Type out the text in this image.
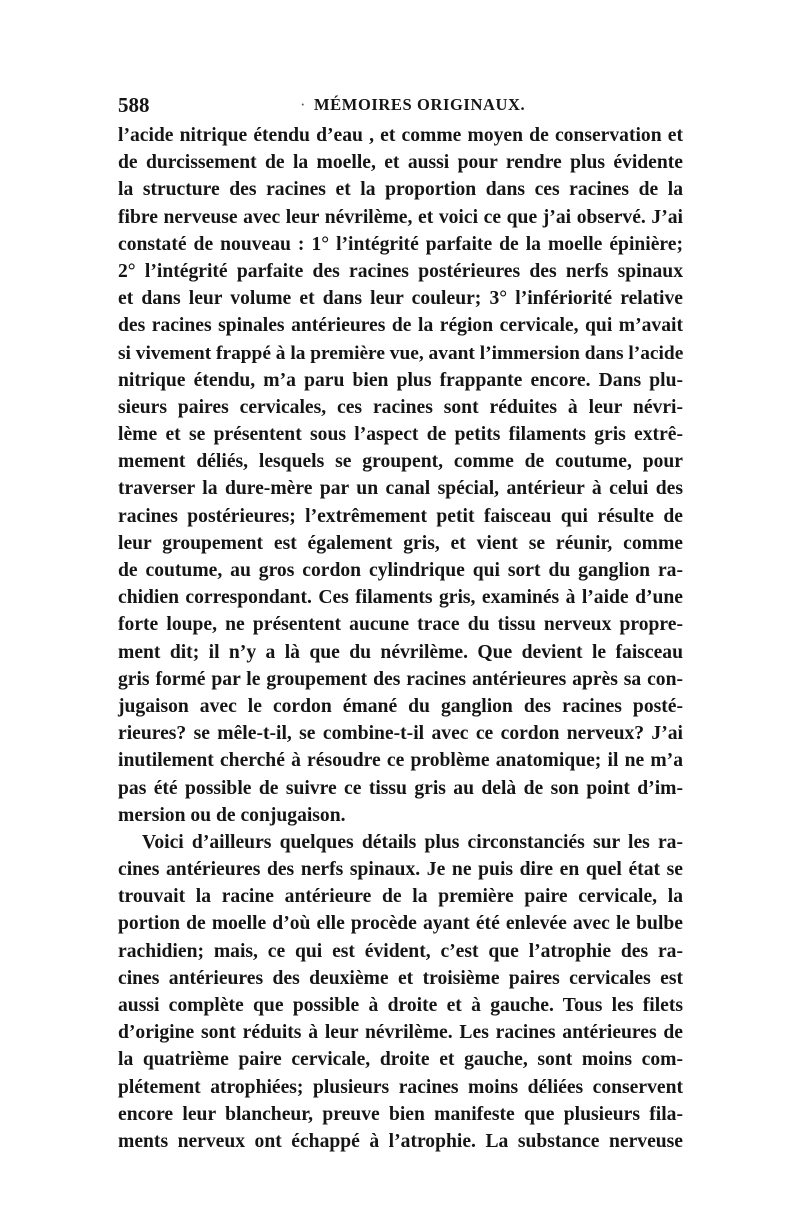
588
·	MÉMOIRES ORIGINAUX.
l’acide nitrique étendu d’eau , et comme moyen de conservation et
de durcissement de la moelle, et aussi pour rendre plus évidente
la structure des racines et la proportion dans ces racines de la
fibre nerveuse avec leur névrilème, et voici ce que j’ai observé. J’ai
constaté de nouveau : 1° l’intégrité parfaite de la moelle épinière;
2° l’intégrité parfaite des racines postérieures des nerfs spinaux
et dans leur volume et dans leur couleur; 3° l’infériorité relative
des racines spinales antérieures de la région cervicale, qui m’avait
si vivement frappé à la première vue, avant l’immersion dans l’acide
nitrique étendu, m’a paru bien plus frappante encore. Dans plu-
sieurs paires cervicales, ces racines sont réduites à leur névri-
lème et se présentent sous l’aspect de petits filaments gris extrê-
mement déliés, lesquels se groupent, comme de coutume, pour
traverser la dure-mère par un canal spécial, antérieur à celui des
racines postérieures; l’extrêmement petit faisceau qui résulte de
leur groupement est également gris, et vient se réunir, comme
de coutume, au gros cordon cylindrique qui sort du ganglion ra-
chidien correspondant. Ces filaments gris, examinés à l’aide d’une
forte loupe, ne présentent aucune trace du tissu nerveux propre-
ment dit; il n’y a là que du névrilème. Que devient le faisceau
gris formé par le groupement des racines antérieures après sa con-
jugaison avec le cordon émané du ganglion des racines posté-
rieures? se mêle-t-il, se combine-t-il avec ce cordon nerveux? J’ai
inutilement cherché à résoudre ce problème anatomique; il ne m’a
pas été possible de suivre ce tissu gris au delà de son point d’im-
mersion ou de conjugaison.
Voici d’ailleurs quelques détails plus circonstanciés sur les ra-
cines antérieures des nerfs spinaux. Je ne puis dire en quel état se
trouvait la racine antérieure de la première paire cervicale, la
portion de moelle d’où elle procède ayant été enlevée avec le bulbe
rachidien; mais, ce qui est évident, c’est que l’atrophie des ra-
cines antérieures des deuxième et troisième paires cervicales est
aussi complète que possible à droite et à gauche. Tous les filets
d’origine sont réduits à leur névrilème. Les racines antérieures de
la quatrième paire cervicale, droite et gauche, sont moins com-
plétement atrophiées; plusieurs racines moins déliées conservent
encore leur blancheur, preuve bien manifeste que plusieurs fila-
ments nerveux ont échappé à l’atrophie. La substance nerveuse
